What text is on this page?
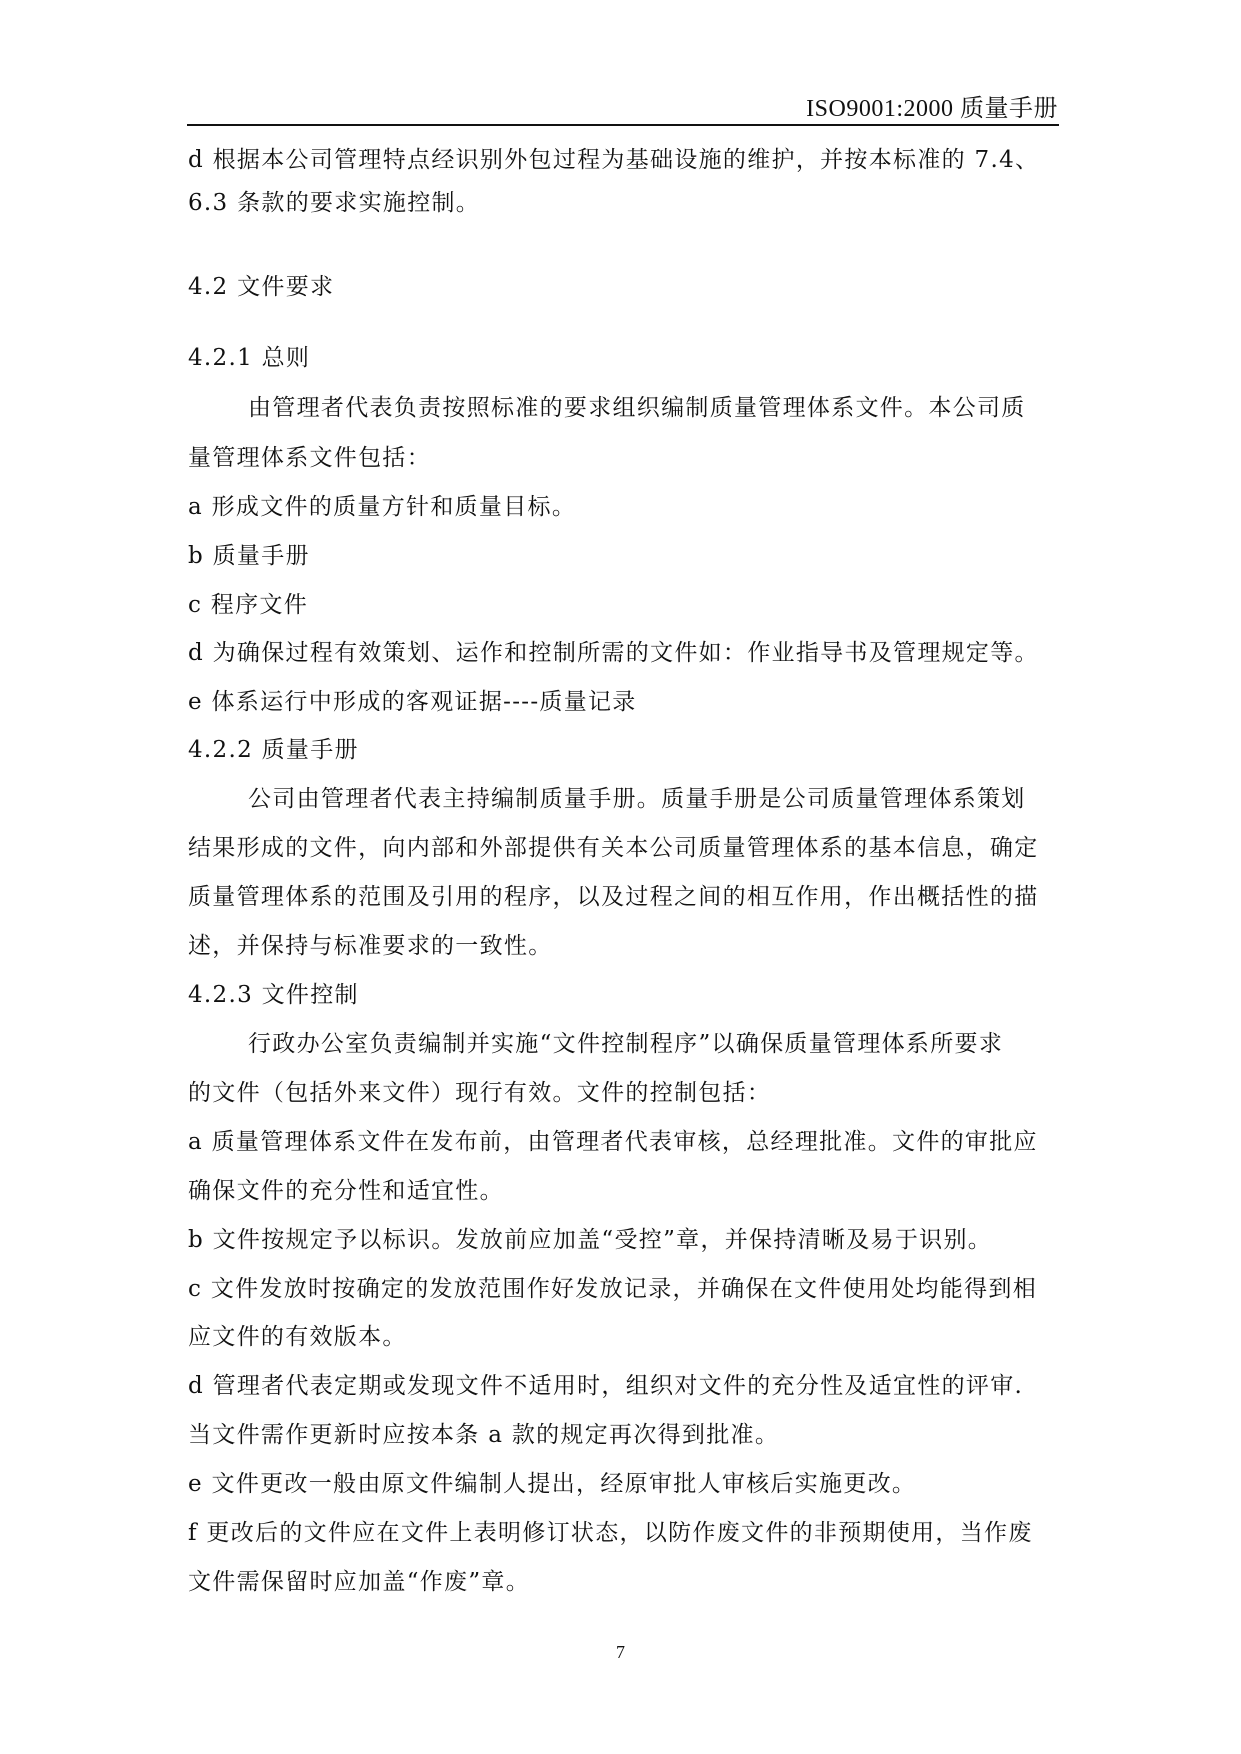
ISO9001:2000 质量手册
d 根据本公司管理特点经识别外包过程为基础设施的维护，并按本标准的 7.4、
6.3 条款的要求实施控制。
4.2 文件要求
4.2.1 总则
由管理者代表负责按照标准的要求组织编制质量管理体系文件。本公司质
量管理体系文件包括：
a 形成文件的质量方针和质量目标。
b 质量手册
c 程序文件
d 为确保过程有效策划、运作和控制所需的文件如：作业指导书及管理规定等。
e 体系运行中形成的客观证据----质量记录
4.2.2 质量手册
公司由管理者代表主持编制质量手册。质量手册是公司质量管理体系策划
结果形成的文件，向内部和外部提供有关本公司质量管理体系的基本信息，确定
质量管理体系的范围及引用的程序，以及过程之间的相互作用，作出概括性的描
述，并保持与标准要求的一致性。
4.2.3 文件控制
行政办公室负责编制并实施“文件控制程序”以确保质量管理体系所要求
的文件（包括外来文件）现行有效。文件的控制包括：
a 质量管理体系文件在发布前，由管理者代表审核，总经理批准。文件的审批应
确保文件的充分性和适宜性。
b 文件按规定予以标识。发放前应加盖“受控”章，并保持清晰及易于识别。
c 文件发放时按确定的发放范围作好发放记录，并确保在文件使用处均能得到相
应文件的有效版本。
d 管理者代表定期或发现文件不适用时，组织对文件的充分性及适宜性的评审.
当文件需作更新时应按本条 a 款的规定再次得到批准。
e 文件更改一般由原文件编制人提出，经原审批人审核后实施更改。
f 更改后的文件应在文件上表明修订状态，以防作废文件的非预期使用，当作废
文件需保留时应加盖“作废”章。
7
